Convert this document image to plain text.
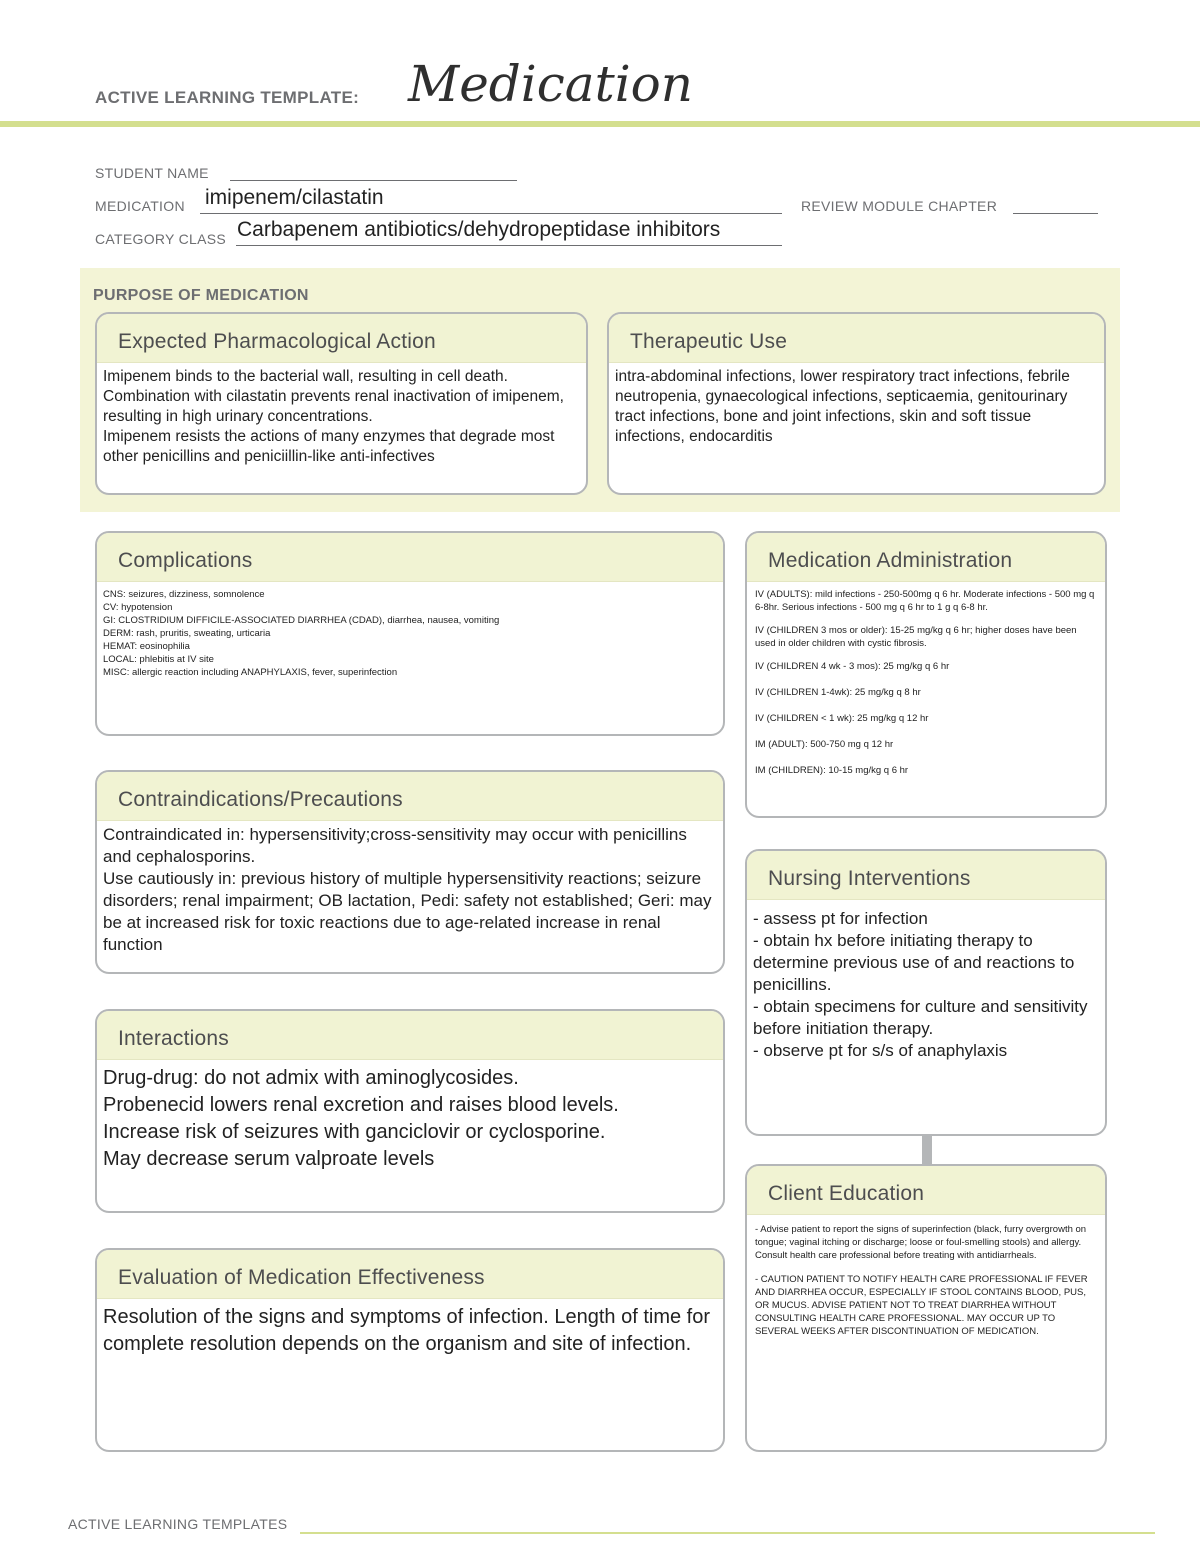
ACTIVE LEARNING TEMPLATE: Medication
STUDENT NAME
MEDICATION imipenem/cilastatin	REVIEW MODULE CHAPTER
CATEGORY CLASS Carbapenem antibiotics/dehydropeptidase inhibitors
PURPOSE OF MEDICATION
Expected Pharmacological Action
Imipenem binds to the bacterial wall, resulting in cell death.
Combination with cilastatin prevents renal inactivation of imipenem, resulting in high urinary concentrations.
Imipenem resists the actions of many enzymes that degrade most other penicillins and peniciillin-like anti-infectives
Therapeutic Use
intra-abdominal infections, lower respiratory tract infections, febrile neutropenia, gynaecological infections, septicaemia, genitourinary tract infections, bone and joint infections, skin and soft tissue infections, endocarditis
Complications

CNS: seizures, dizziness, somnolence

CV: hypotension

GI: CLOSTRIDIUM DIFFICILE-ASSOCIATED DIARRHEA (CDAD), diarrhea, nausea, vomiting

DERM: rash, pruritis, sweating, urticaria

HEMAT: eosinophilia

LOCAL: phlebitis at IV site

MISC: allergic reaction including ANAPHYLAXIS, fever, superinfection

Medication Administration

IV (ADULTS): mild infections - 250-500mg q 6 hr. Moderate infections - 500 mg q 6-8hr. Serious infections - 500 mg q 6 hr to 1 g q 6-8 hr.

IV (CHILDREN 3 mos or older): 15-25 mg/kg q 6 hr; higher doses have been used in older children with cystic fibrosis.

IV (CHILDREN 4 wk - 3 mos): 25 mg/kg q 6 hr

IV (CHILDREN 1-4wk): 25 mg/kg q 8 hr

IV (CHILDREN < 1 wk): 25 mg/kg q 12 hr

IM (ADULT): 500-750 mg q 12 hr

IM (CHILDREN): 10-15 mg/kg q 6 hr

Contraindications/Precautions
Contraindicated in: hypersensitivity;cross-sensitivity may occur with penicillins and cephalosporins.
Use cautiously in: previous history of multiple hypersensitivity reactions; seizure disorders; renal impairment; OB lactation, Pedi: safety not established; Geri: may be at increased risk for toxic reactions due to age-related increase in renal function
Nursing Interventions
- assess pt for infection
- obtain hx before initiating therapy to determine previous use of and reactions to penicillins.
- obtain specimens for culture and sensitivity before initiation therapy.
- observe pt for s/s of anaphylaxis
Interactions
Drug-drug: do not admix with aminoglycosides.
Probenecid lowers renal excretion and raises blood levels.
Increase risk of seizures with ganciclovir or cyclosporine.
May decrease serum valproate levels
Client Education

- Advise patient to report the signs of superinfection (black, furry overgrowth on tongue; vaginal itching or discharge; loose or foul-smelling stools) and allergy. Consult health care professional before treating with antidiarrheals.

- CAUTION PATIENT TO NOTIFY HEALTH CARE PROFESSIONAL IF FEVER AND DIARRHEA OCCUR, ESPECIALLY IF STOOL CONTAINS BLOOD, PUS, OR MUCUS. ADVISE PATIENT NOT TO TREAT DIARRHEA WITHOUT CONSULTING HEALTH CARE PROFESSIONAL. MAY OCCUR UP TO SEVERAL WEEKS AFTER DISCONTINUATION OF MEDICATION.

Evaluation of Medication Effectiveness
Resolution of the signs and symptoms of infection. Length of time for complete resolution depends on the organism and site of infection.
ACTIVE LEARNING TEMPLATES
